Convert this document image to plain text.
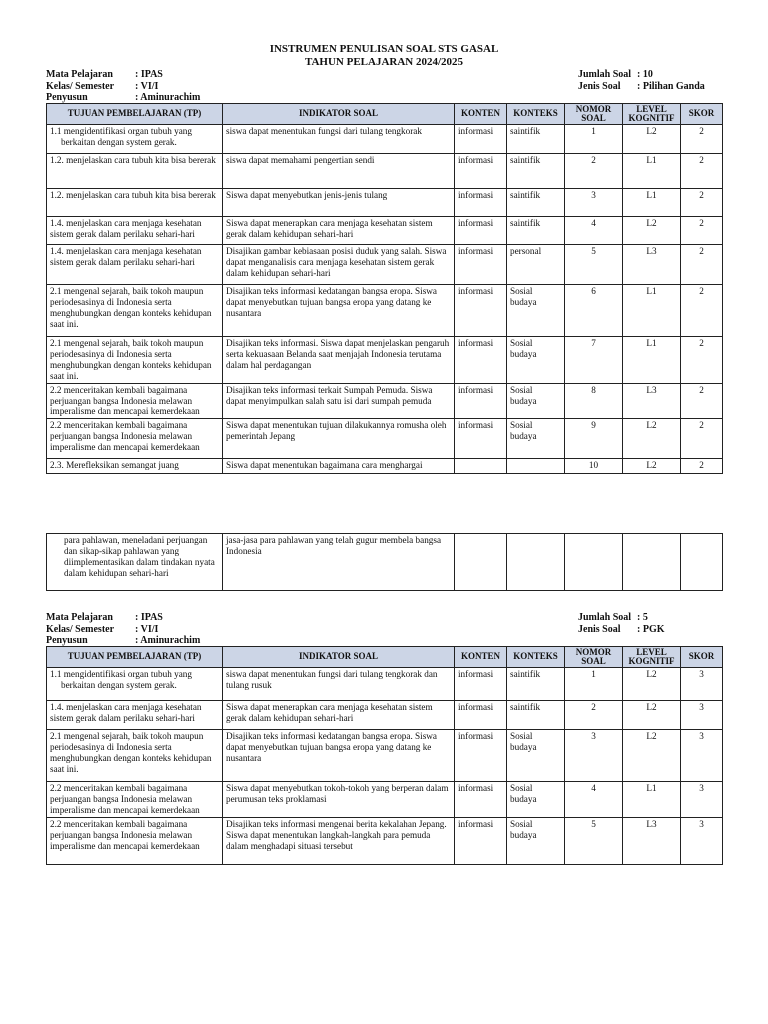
INSTRUMEN PENULISAN SOAL STS GASAL
TAHUN PELAJARAN 2024/2025
Mata Pelajaran	: IPAS
Kelas/ Semester	: VI/I
Penyusun	: Aminurachim
Jumlah Soal : 10
Jenis Soal	: Pilihan Ganda
TUJUAN PEMBELAJARAN (TP)	INDIKATOR SOAL	KONTEN	KONTEKS	NOMOR SOAL	LEVEL KOGNITIF	SKOR
1.1 mengidentifikasi organ tubuh yang berkaitan dengan system gerak.	siswa dapat menentukan fungsi dari tulang tengkorak	informasi	saintifik	1	L2	2
1.2. menjelaskan cara tubuh kita bisa bererak	siswa dapat memahami pengertian sendi	informasi	saintifik	2	L1	2
1.2. menjelaskan cara tubuh kita bisa bererak	Siswa dapat menyebutkan jenis-jenis tulang	informasi	saintifik	3	L1	2
1.4. menjelaskan cara menjaga kesehatan sistem gerak dalam perilaku sehari-hari	Siswa dapat menerapkan cara menjaga kesehatan sistem gerak dalam kehidupan sehari-hari	informasi	saintifik	4	L2	2
1.4. menjelaskan cara menjaga kesehatan sistem gerak dalam perilaku sehari-hari	Disajikan gambar kebiasaan posisi duduk yang salah. Siswa dapat menganalisis cara menjaga kesehatan sistem gerak dalam kehidupan sehari-hari	informasi	personal	5	L3	2
2.1 mengenal sejarah, baik tokoh maupun periodesasinya di Indonesia serta menghubungkan dengan konteks kehidupan saat ini.	Disajikan teks informasi kedatangan bangsa eropa. Siswa dapat menyebutkan tujuan bangsa eropa yang datang ke nusantara	informasi	Sosial budaya	6	L1	2
2.1 mengenal sejarah, baik tokoh maupun periodesasinya di Indonesia serta menghubungkan dengan konteks kehidupan saat ini.	Disajikan teks informasi. Siswa dapat menjelaskan pengaruh serta kekuasaan Belanda saat menjajah Indonesia terutama dalam hal perdagangan	informasi	Sosial budaya	7	L1	2
2.2 menceritakan kembali bagaimana perjuangan bangsa Indonesia melawan imperalisme dan mencapai kemerdekaan	Disajikan teks informasi terkait Sumpah Pemuda. Siswa dapat menyimpulkan salah satu isi dari sumpah pemuda	informasi	Sosial budaya	8	L3	2
2.2 menceritakan kembali bagaimana perjuangan bangsa Indonesia melawan imperalisme dan mencapai kemerdekaan	Siswa dapat menentukan tujuan dilakukannya romusha oleh pemerintah Jepang	informasi	Sosial budaya	9	L2	2
2.3. Merefleksikan semangat juang	Siswa dapat menentukan bagaimana cara menghargai			10	L2	2
para pahlawan, meneladani perjuangan dan sikap-sikap pahlawan yang diimplementasikan dalam tindakan nyata dalam kehidupan sehari-hari	jasa-jasa para pahlawan yang telah gugur membela bangsa Indonesia					
Mata Pelajaran	: IPAS
Kelas/ Semester	: VI/I
Penyusun	: Aminurachim
Jumlah Soal : 5
Jenis Soal	: PGK
TUJUAN PEMBELAJARAN (TP)	INDIKATOR SOAL	KONTEN	KONTEKS	NOMOR SOAL	LEVEL KOGNITIF	SKOR
1.1 mengidentifikasi organ tubuh yang berkaitan dengan system gerak.	siswa dapat menentukan fungsi dari tulang tengkorak dan tulang rusuk	informasi	saintifik	1	L2	3
1.4. menjelaskan cara menjaga kesehatan sistem gerak dalam perilaku sehari-hari	Siswa dapat menerapkan cara menjaga kesehatan sistem gerak dalam kehidupan sehari-hari	informasi	saintifik	2	L2	3
2.1 mengenal sejarah, baik tokoh maupun periodesasinya di Indonesia serta menghubungkan dengan konteks kehidupan saat ini.	Disajikan teks informasi kedatangan bangsa eropa. Siswa dapat menyebutkan tujuan bangsa eropa yang datang ke nusantara	informasi	Sosial budaya	3	L2	3
2.2 menceritakan kembali bagaimana perjuangan bangsa Indonesia melawan imperalisme dan mencapai kemerdekaan	Siswa dapat menyebutkan tokoh-tokoh yang berperan dalam perumusan teks proklamasi	informasi	Sosial budaya	4	L1	3
2.2 menceritakan kembali bagaimana perjuangan bangsa Indonesia melawan imperalisme dan mencapai kemerdekaan	Disajikan teks informasi mengenai berita kekalahan Jepang. Siswa dapat menentukan langkah-langkah para pemuda dalam menghadapi situasi tersebut	informasi	Sosial budaya	5	L3	3
